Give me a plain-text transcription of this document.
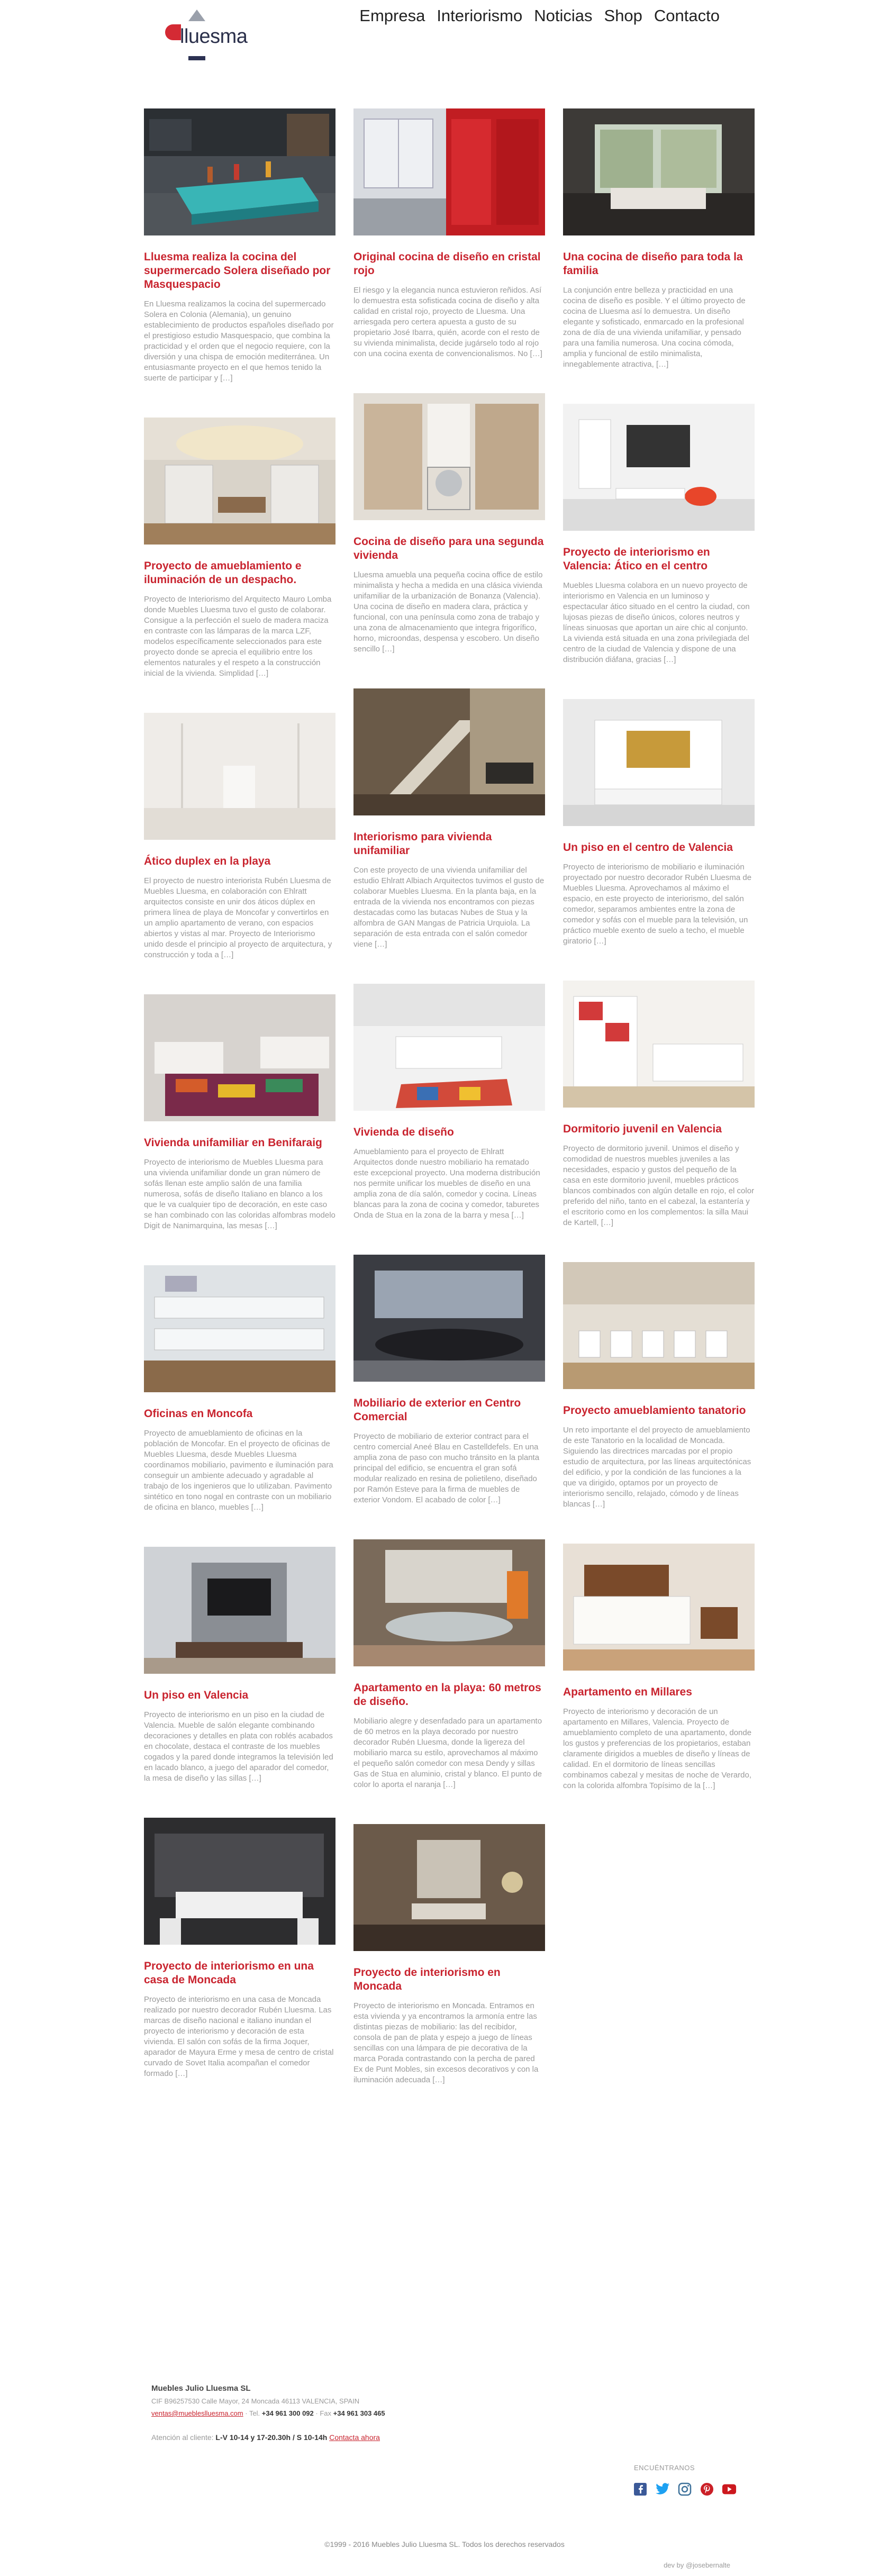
lluesma
Empresa Interiorismo Noticias Shop Contacto
Lluesma realiza la cocina del supermercado Solera diseñado por Masquespacio

En Lluesma realizamos la cocina del supermercado Solera en Colonia (Alemania), un genuino establecimiento de productos españoles diseñado por el prestigioso estudio Masquespacio, que combina la practicidad y el orden que el negocio requiere, con la diversión y una chispa de emoción mediterránea. Un entusiasmante proyecto en el que hemos tenido la suerte de participar y […]

Proyecto de amueblamiento e iluminación de un despacho.

Proyecto de Interiorismo del Arquitecto Mauro Lomba donde Muebles Lluesma tuvo el gusto de colaborar. Consigue a la perfección el suelo de madera maciza en contraste con las lámparas de la marca LZF, modelos específicamente seleccionados para este proyecto donde se aprecia el equilibrio entre los elementos naturales y el respeto a la construcción inicial de la vivienda. Simplidad […]

Ático duplex en la playa

El proyecto de nuestro interiorista Rubén Lluesma de Muebles Lluesma, en colaboración con Ehlratt arquitectos consiste en unir dos áticos dúplex en primera línea de playa de Moncofar y convertirlos en un amplio apartamento de verano, con espacios abiertos y vistas al mar. Proyecto de Interiorismo unido desde el principio al proyecto de arquitectura, y construcción y toda a […]

Vivienda unifamiliar en Benifaraig

Proyecto de interiorismo de Muebles Lluesma para una vivienda unifamiliar donde un gran número de sofás llenan este amplio salón de una familia numerosa, sofás de diseño Italiano en blanco a los que le va cualquier tipo de decoración, en este caso se han combinado con las coloridas alfombras modelo Digit de Nanimarquina, las mesas […]

Oficinas en Moncofa

Proyecto de amueblamiento de oficinas en la población de Moncofar. En el proyecto de oficinas de Muebles Lluesma, desde Muebles Lluesma coordinamos mobiliario, pavimento e iluminación para conseguir un ambiente adecuado y agradable al trabajo de los ingenieros que lo utilizaban. Pavimento sintético en tono nogal en contraste con un mobiliario de oficina en blanco, muebles […]

Un piso en Valencia

Proyecto de interiorismo en un piso en la ciudad de Valencia. Mueble de salón elegante combinando decoraciones y detalles en plata con roblés acabados en chocolate, destaca el contraste de los muebles cogados y la pared donde integramos la televisión led en lacado blanco, a juego del aparador del comedor, la mesa de diseño y las sillas […]

Proyecto de interiorismo en una casa de Moncada

Proyecto de interiorismo en una casa de Moncada realizado por nuestro decorador Rubén Lluesma. Las marcas de diseño nacional e italiano inundan el proyecto de interiorismo y decoración de esta vivienda. El salón con sofás de la firma Joquer, aparador de Mayura Erme y mesa de centro de cristal curvado de Sovet Italia acompañan el comedor formado […]

Original cocina de diseño en cristal rojo

El riesgo y la elegancia nunca estuvieron reñidos. Así lo demuestra esta sofisticada cocina de diseño y alta calidad en cristal rojo, proyecto de Lluesma. Una arriesgada pero certera apuesta a gusto de su propietario José Ibarra, quién, acorde con el resto de su vivienda minimalista, decide jugárselo todo al rojo con una cocina exenta de convencionalismos. No […]

Cocina de diseño para una segunda vivienda

Lluesma amuebla una pequeña cocina office de estilo minimalista y hecha a medida en una clásica vivienda unifamiliar de la urbanización de Bonanza (Valencia). Una cocina de diseño en madera clara, práctica y funcional, con una península como zona de trabajo y una zona de almacenamiento que integra frigorífico, horno, microondas, despensa y escobero. Un diseño sencillo […]

Interiorismo para vivienda unifamiliar

Con este proyecto de una vivienda unifamiliar del estudio Ehlratt Albiach Arquitectos tuvimos el gusto de colaborar Muebles Lluesma. En la planta baja, en la entrada de la vivienda nos encontramos con piezas destacadas como las butacas Nubes de Stua y la alfombra de GAN Mangas de Patricia Urquiola. La separación de esta entrada con el salón comedor viene […]

Vivienda de diseño

Amueblamiento para el proyecto de Ehlratt Arquitectos donde nuestro mobiliario ha rematado este excepcional proyecto. Una moderna distribución nos permite unificar los muebles de diseño en una amplia zona de día salón, comedor y cocina. Líneas blancas para la zona de cocina y comedor, taburetes Onda de Stua en la zona de la barra y mesa […]

Mobiliario de exterior en Centro Comercial

Proyecto de mobiliario de exterior contract para el centro comercial Aneé Blau en Castelldefels. En una amplia zona de paso con mucho tránsito en la planta principal del edificio, se encuentra el gran sofá modular realizado en resina de polietileno, diseñado por Ramón Esteve para la firma de muebles de exterior Vondom. El acabado de color […]

Apartamento en la playa: 60 metros de diseño.

Mobiliario alegre y desenfadado para un apartamento de 60 metros en la playa decorado por nuestro decorador Rubén Lluesma, donde la ligereza del mobiliario marca su estilo, aprovechamos al máximo el pequeño salón comedor con mesa Dendy y sillas Gas de Stua en aluminio, cristal y blanco. El punto de color lo aporta el naranja […]

Proyecto de interiorismo en Moncada

Proyecto de interiorismo en Moncada. Entramos en esta vivienda y ya encontramos la armonía entre las distintas piezas de mobiliario: las del recibidor, consola de pan de plata y espejo a juego de líneas sencillas con una lámpara de pie decorativa de la marca Porada contrastando con la percha de pared Ex de Punt Mobles, sin excesos decorativos y con la iluminación adecuada […]

Una cocina de diseño para toda la familia

La conjunción entre belleza y practicidad en una cocina de diseño es posible. Y el último proyecto de cocina de Lluesma así lo demuestra. Un diseño elegante y sofisticado, enmarcado en la profesional zona de día de una vivienda unifamiliar, y pensado para una familia numerosa. Una cocina cómoda, amplia y funcional de estilo minimalista, innegablemente atractiva, […]

Proyecto de interiorismo en Valencia: Ático en el centro

Muebles Lluesma colabora en un nuevo proyecto de interiorismo en Valencia en un luminoso y espectacular ático situado en el centro la ciudad, con lujosas piezas de diseño únicos, colores neutros y líneas sinuosas que aportan un aire chic al conjunto. La vivienda está situada en una zona privilegiada del centro de la ciudad de Valencia y dispone de una distribución diáfana, gracias […]

Un piso en el centro de Valencia

Proyecto de interiorismo de mobiliario e iluminación proyectado por nuestro decorador Rubén Lluesma de Muebles Lluesma. Aprovechamos al máximo el espacio, en este proyecto de interiorismo, del salón comedor, separamos ambientes entre la zona de comedor y sofás con el mueble para la televisión, un práctico mueble exento de suelo a techo, el mueble giratorio […]

Dormitorio juvenil en Valencia

Proyecto de dormitorio juvenil. Unimos el diseño y comodidad de nuestros muebles juveniles a las necesidades, espacio y gustos del pequeño de la casa en este dormitorio juvenil, muebles prácticos blancos combinados con algún detalle en rojo, el color preferido del niño, tanto en el cabezal, la estantería y el escritorio como en los complementos: la silla Maui de Kartell, […]

Proyecto amueblamiento tanatorio

Un reto importante el del proyecto de amueblamiento de este Tanatorio en la localidad de Moncada. Siguiendo las directrices marcadas por el propio estudio de arquitectura, por las líneas arquitectónicas del edificio, y por la condición de las funciones a la que va dirigido, optamos por un proyecto de interiorismo sencillo, relajado, cómodo y de líneas blancas […]

Apartamento en Millares

Proyecto de interiorismo y decoración de un apartamento en Millares, Valencia. Proyecto de amueblamiento completo de una apartamento, donde los gustos y preferencias de los propietarios, estaban claramente dirigidos a muebles de diseño y líneas de calidad. En el dormitorio de líneas sencillas combinamos cabezal y mesitas de noche de Verardo, con la colorida alfombra Topísimo de la […]

Muebles Julio Lluesma SL
CIF B96257530 Calle Mayor, 24 Moncada 46113 VALENCIA, SPAIN
ventas@muebleslluesma.com · Tel. +34 961 300 092 · Fax +34 961 303 465
Atención al cliente: L-V 10-14 y 17-20.30h / S 10-14h Contacta ahora
ENCUÉNTRANOS
©1999 - 2016 Muebles Julio Lluesma SL. Todos los derechos reservados
dev by @josebernalte
